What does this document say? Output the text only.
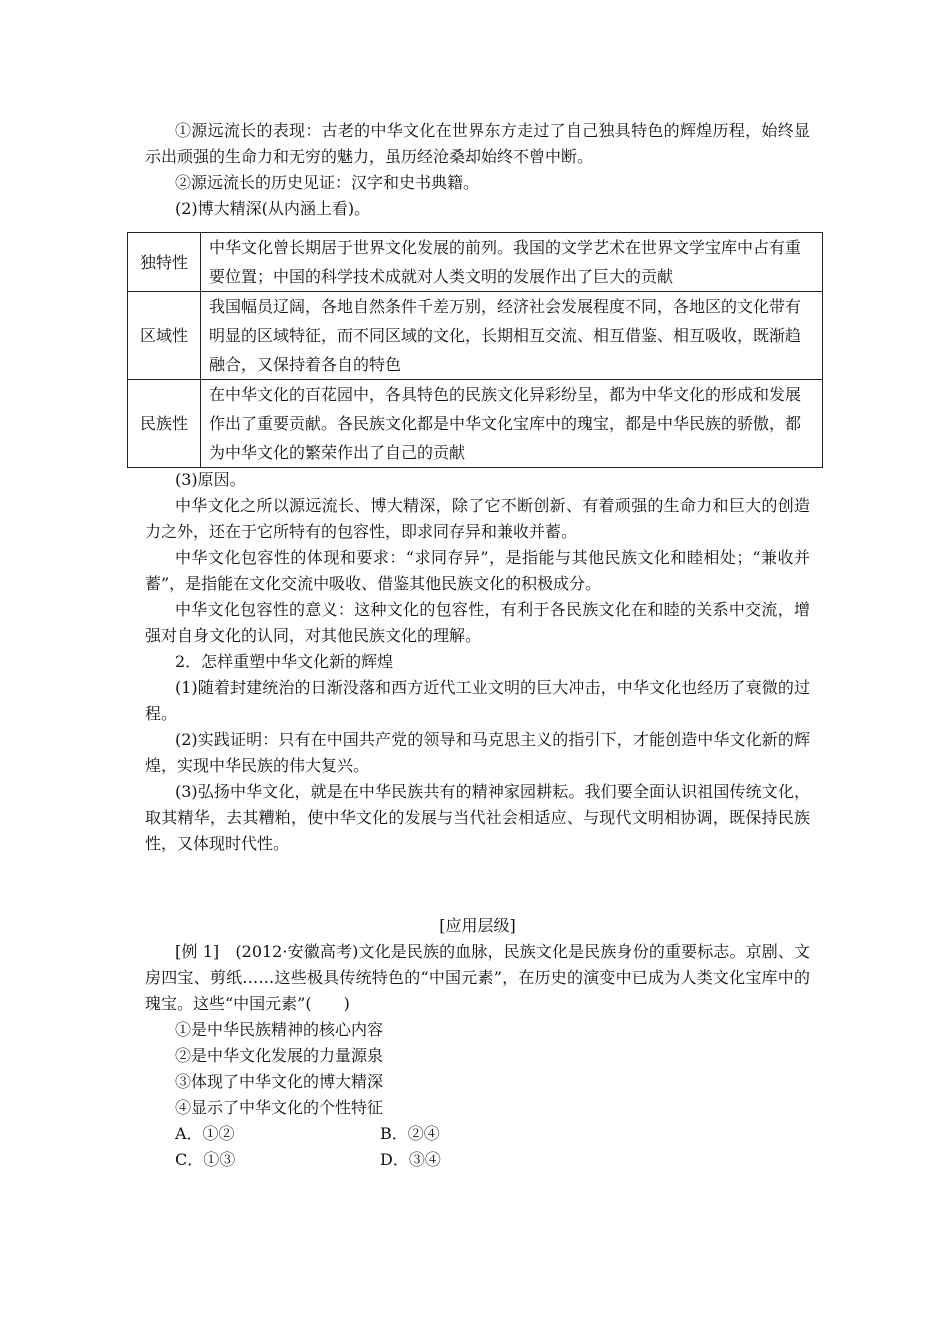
①源远流长的表现：古老的中华文化在世界东方走过了自己独具特色的辉煌历程，始终显示出顽强的生命力和无穷的魅力，虽历经沧桑却始终不曾中断。

②源远流长的历史见证：汉字和史书典籍。

(2)博大精深(从内涵上看)。

独特性	中华文化曾长期居于世界文化发展的前列。我国的文学艺术在世界文学宝库中占有重要位置；中国的科学技术成就对人类文明的发展作出了巨大的贡献
区域性	我国幅员辽阔，各地自然条件千差万别，经济社会发展程度不同，各地区的文化带有明显的区域特征，而不同区域的文化，长期相互交流、相互借鉴、相互吸收，既渐趋融合，又保持着各自的特色
民族性	在中华文化的百花园中，各具特色的民族文化异彩纷呈，都为中华文化的形成和发展作出了重要贡献。各民族文化都是中华文化宝库中的瑰宝，都是中华民族的骄傲，都为中华文化的繁荣作出了自己的贡献

(3)原因。

中华文化之所以源远流长、博大精深，除了它不断创新、有着顽强的生命力和巨大的创造力之外，还在于它所特有的包容性，即求同存异和兼收并蓄。

中华文化包容性的体现和要求：“求同存异”，是指能与其他民族文化和睦相处；“兼收并蓄”，是指能在文化交流中吸收、借鉴其他民族文化的积极成分。

中华文化包容性的意义：这种文化的包容性，有利于各民族文化在和睦的关系中交流，增强对自身文化的认同，对其他民族文化的理解。

2．怎样重塑中华文化新的辉煌

(1)随着封建统治的日渐没落和西方近代工业文明的巨大冲击，中华文化也经历了衰微的过程。

(2)实践证明：只有在中国共产党的领导和马克思主义的指引下，才能创造中华文化新的辉煌，实现中华民族的伟大复兴。

(3)弘扬中华文化，就是在中华民族共有的精神家园耕耘。我们要全面认识祖国传统文化，取其精华，去其糟粕，使中华文化的发展与当代社会相适应、与现代文明相协调，既保持民族性，又体现时代性。

[应用层级]

[例 1]　(2012·安徽高考)文化是民族的血脉，民族文化是民族身份的重要标志。京剧、文房四宝、剪纸……这些极具传统特色的“中国元素”，在历史的演变中已成为人类文化宝库中的瑰宝。这些“中国元素”(　　)

①是中华民族精神的核心内容

②是中华文化发展的力量源泉

③体现了中华文化的博大精深

④显示了中华文化的个性特征

A．①②	B．②④
C．①③	D．③④
